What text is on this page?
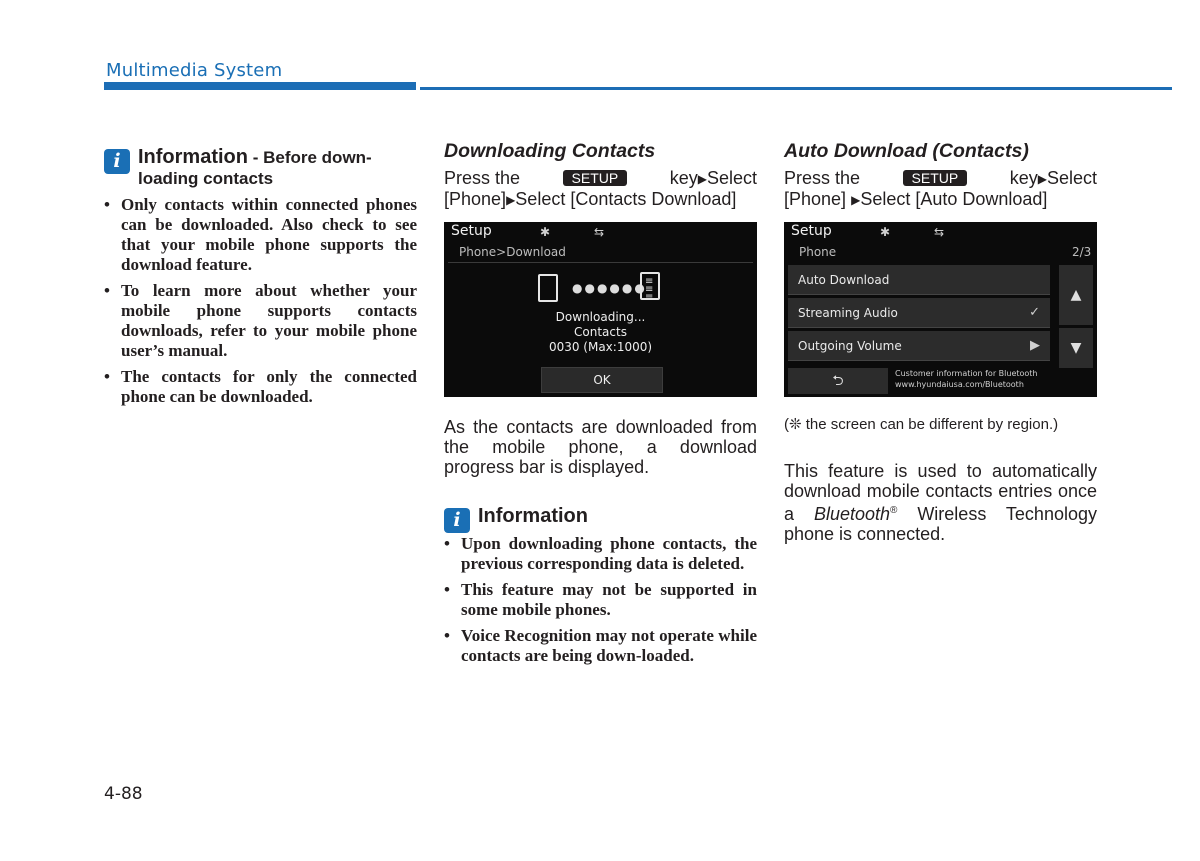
Multimedia System
i Information - Before down-
loading contacts
• Only contacts within connected phones can be downloaded. Also check to see that your mobile phone supports the download feature.
• To learn more about whether your mobile phone supports contacts downloads, refer to your mobile phone user’s manual.
• The contacts for only the connected phone can be downloaded.
Downloading Contacts
Press the	SETUP	key▶Select
[Phone]▶Select [Contacts Download]
Setup	✱	⇆
Phone>Download
●●●●●●
≡
≡
≡
Downloading...
Contacts
0030 (Max:1000)
OK
As the contacts are downloaded from the mobile phone, a download progress bar is displayed.
i Information
• Upon downloading phone contacts, the previous corresponding data is deleted.
• This feature may not be supported in some mobile phones.
• Voice Recognition may not operate while contacts are being down-loaded.
Auto Download (Contacts)
Press the	SETUP	key▶Select
[Phone] ▶Select [Auto Download]
Setup	✱	⇆
Phone	2/3
Auto Download
Streaming Audio	✓
Outgoing Volume	▶
▲
▼
⮌	Customer information for Bluetooth
www.hyundaiusa.com/Bluetooth
(❊ the screen can be different by region.)
This feature is used to automatically download mobile contacts entries once a Bluetooth® Wireless Technology phone is connected.
4-88
